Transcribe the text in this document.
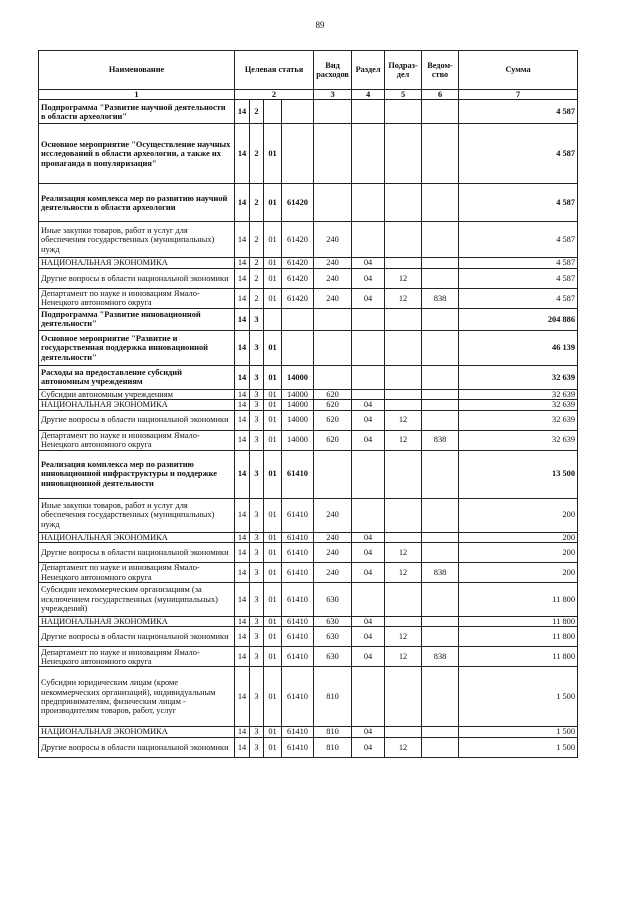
89
Наименование	Целевая статья				Вид расходов	Раздел	Подраз- дел	Ведом- ство	Сумма
1	2				3	4	5	6	7
Подпрограмма "Развитие научной деятельности в области археологии"	14	2							4 587
Основное мероприятие "Осуществление научных исследований в области археологии, а также их пропаганда в популяризация"	14	2	01						4 587
Реализация комплекса мер по развитию научной деятельности в области археологии	14	2	01	61420					4 587
Иные закупки товаров, работ и услуг для обеспечения государственных (муниципальных) нужд	14	2	01	61420	240				4 587
НАЦИОНАЛЬНАЯ ЭКОНОМИКА	14	2	01	61420	240	04			4 587
Другие вопросы в области национальной экономики	14	2	01	61420	240	04	12		4 587
Департамент по науке и инновациям Ямало-Ненецкого автономного округа	14	2	01	61420	240	04	12	838	4 587
Подпрограмма "Развитие инновационной деятельности"	14	3							204 886
Основное мероприятие "Развитие и государственная поддержка инновационной деятельности"	14	3	01						46 139
Расходы на предоставление субсидий автономным учреждениям	14	3	01	14000					32 639
Субсидии автономным учреждениям	14	3	01	14000	620				32 639
НАЦИОНАЛЬНАЯ ЭКОНОМИКА	14	3	01	14000	620	04			32 639
Другие вопросы в области национальной экономики	14	3	01	14000	620	04	12		32 639
Департамент по науке и инновациям Ямало-Ненецкого автономного округа	14	3	01	14000	620	04	12	838	32 639
Реализация комплекса мер по развитию инновационной инфраструктуры и поддержке инновационной деятельности	14	3	01	61410					13 500
Иные закупки товаров, работ и услуг для обеспечения государственных (муниципальных) нужд	14	3	01	61410	240				200
НАЦИОНАЛЬНАЯ ЭКОНОМИКА	14	3	01	61410	240	04			200
Другие вопросы в области национальной экономики	14	3	01	61410	240	04	12		200
Департамент по науке и инновациям Ямало-Ненецкого автономного округа	14	3	01	61410	240	04	12	838	200
Субсидии некоммерческим организациям (за исключением государственных (муниципальных) учреждений)	14	3	01	61410	630				11 800
НАЦИОНАЛЬНАЯ ЭКОНОМИКА	14	3	01	61410	630	04			11 800
Другие вопросы в области национальной экономики	14	3	01	61410	630	04	12		11 800
Департамент по науке и инновациям Ямало-Ненецкого автономного округа	14	3	01	61410	630	04	12	838	11 800
Субсидии юридическим лицам (кроме некоммерческих организаций), индивидуальным предпринимателям, физическим лицам - производителям товаров, работ, услуг	14	3	01	61410	810				1 500
НАЦИОНАЛЬНАЯ ЭКОНОМИКА	14	3	01	61410	810	04			1 500
Другие вопросы в области национальной экономики	14	3	01	61410	810	04	12		1 500
